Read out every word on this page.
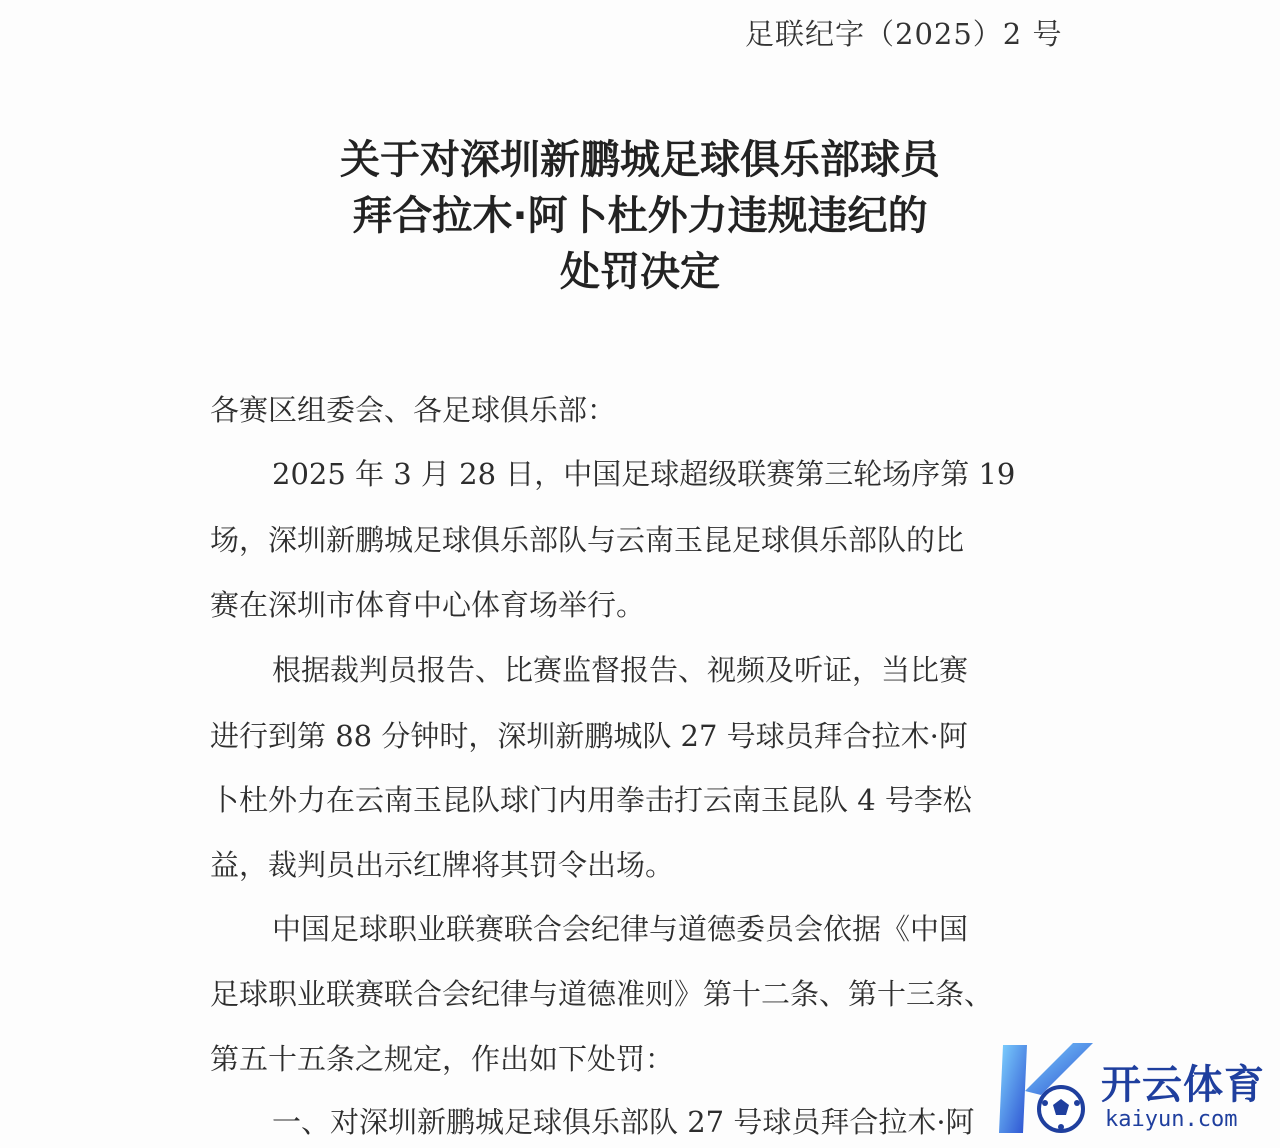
足联纪字（2025）2 号
关于对深圳新鹏城足球俱乐部球员
拜合拉木·阿卜杜外力违规违纪的
处罚决定
各赛区组委会、各足球俱乐部：
2025 年 3 月 28 日，中国足球超级联赛第三轮场序第 19
场，深圳新鹏城足球俱乐部队与云南玉昆足球俱乐部队的比
赛在深圳市体育中心体育场举行。
根据裁判员报告、比赛监督报告、视频及听证，当比赛
进行到第 88 分钟时，深圳新鹏城队 27 号球员拜合拉木·阿
卜杜外力在云南玉昆队球门内用拳击打云南玉昆队 4 号李松
益，裁判员出示红牌将其罚令出场。
中国足球职业联赛联合会纪律与道德委员会依据《中国
足球职业联赛联合会纪律与道德准则》第十二条、第十三条、
第五十五条之规定，作出如下处罚：
一、对深圳新鹏城足球俱乐部队 27 号球员拜合拉木·阿
开云体育
kaiyun.com
